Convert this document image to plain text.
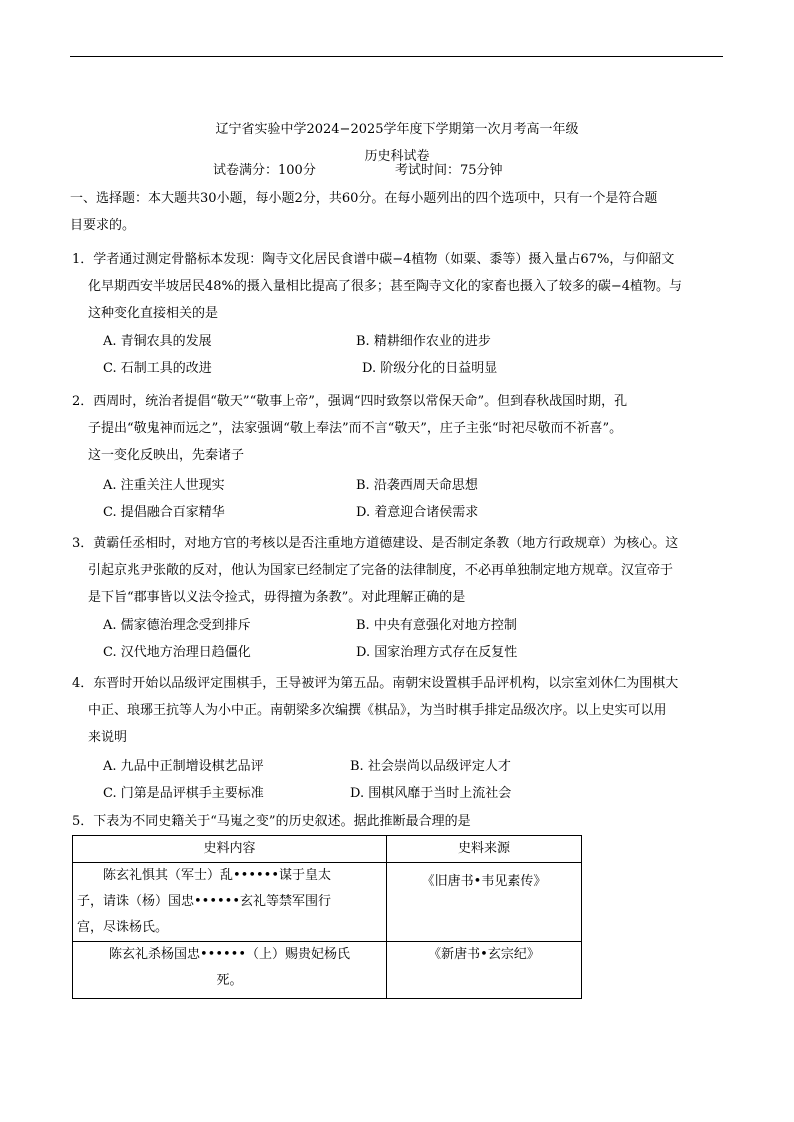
辽宁省实验中学2024−2025学年度下学期第一次月考高一年级
历史科试卷
试卷满分：100分	考试时间：75分钟
一、选择题：本大题共30小题，每小题2分，共60分。在每小题列出的四个选项中，只有一个是符合题
目要求的。
1．学者通过测定骨骼标本发现：陶寺文化居民食谱中碳−4植物（如粟、黍等）摄入量占67%，与仰韶文
化早期西安半坡居民48%的摄入量相比提高了很多；甚至陶寺文化的家畜也摄入了较多的碳−4植物。与
这种变化直接相关的是
A. 青铜农具的发展	B. 精耕细作农业的进步
C. 石制工具的改进	D. 阶级分化的日益明显
2．西周时，统治者提倡“敬天”“敬事上帝”，强调“四时致祭以常保天命”。但到春秋战国时期，孔
子提出“敬鬼神而远之”，法家强调“敬上奉法”而不言“敬天”，庄子主张“时祀尽敬而不祈喜”。
这一变化反映出，先秦诸子
A. 注重关注人世现实	B. 沿袭西周天命思想
C. 提倡融合百家精华	D. 着意迎合诸侯需求
3．黄霸任丞相时，对地方官的考核以是否注重地方道德建设、是否制定条教（地方行政规章）为核心。这
引起京兆尹张敞的反对，他认为国家已经制定了完备的法律制度，不必再单独制定地方规章。汉宣帝于
是下旨“郡事皆以义法令捡式，毋得擅为条教”。对此理解正确的是
A. 儒家德治理念受到排斥	B. 中央有意强化对地方控制
C. 汉代地方治理日趋僵化	D. 国家治理方式存在反复性
4．东晋时开始以品级评定围棋手，王导被评为第五品。南朝宋设置棋手品评机构，以宗室刘休仁为围棋大
中正、琅琊王抗等人为小中正。南朝梁多次编撰《棋品》，为当时棋手排定品级次序。以上史实可以用
来说明
A. 九品中正制增设棋艺品评	B. 社会崇尚以品级评定人才
C. 门第是品评棋手主要标准	D. 围棋风靡于当时上流社会
5．下表为不同史籍关于“马嵬之变”的历史叙述。据此推断最合理的是
史料内容	史料来源

　　陈玄礼惧其（军士）乱••••••谋于皇太
子，请诛（杨）国忠••••••玄礼等禁军围行
宫，尽诛杨氏。	《旧唐书•韦见素传》

陈玄礼杀杨国忠••••••（上）赐贵妃杨氏
死。	《新唐书•玄宗纪》
